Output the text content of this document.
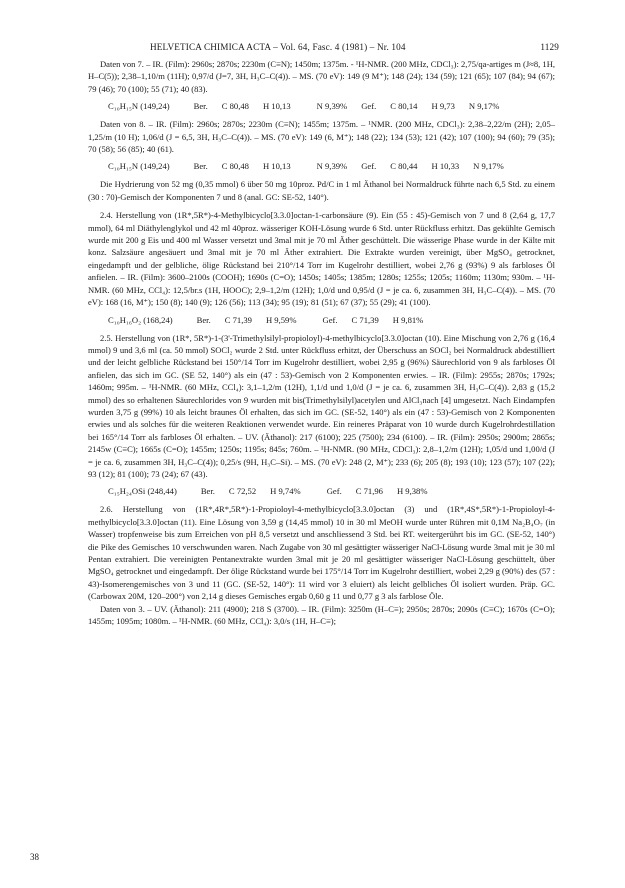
HELVETICA CHIMICA ACTA – Vol. 64, Fasc. 4 (1981) – Nr. 104	1129

Daten von 7. – IR. (Film): 2960s; 2870s; 2230m (C≡N); 1450m; 1375m. - ¹H-NMR. (200 MHz, CDCl₃): 2,75/qa-artiges m (J≈8, 1H, H–C(5)); 2,38–1,10/m (11H); 0,97/d (J=7, 3H, H₃C–C(4)). – MS. (70 eV): 149 (9 M⁺); 148 (24); 134 (59); 121 (65); 107 (84); 94 (67); 79 (46); 70 (100); 55 (71); 40 (83).

C₁₀H₁₅N (149,24)	Ber. C 80,48 H 10,13	N 9,39% Gef. C 80,14 H 9,73 N 9,17%

Daten von 8. – IR. (Film): 2960s; 2870s; 2230m (C≡N); 1455m; 1375m. – ¹NMR. (200 MHz, CDCl₃): 2,38–2,22/m (2H); 2,05–1,25/m (10 H); 1,06/d (J = 6,5, 3H, H₃C–C(4)). – MS. (70 eV): 149 (6, M⁺); 148 (22); 134 (53); 121 (42); 107 (100); 94 (60); 79 (35); 70 (58); 56 (85); 40 (61).

C₁₀H₁₅N (149,24)	Ber. C 80,48 H 10,13	N 9,39% Gef. C 80,44 H 10,33 N 9,17%

Die Hydrierung von 52 mg (0,35 mmol) 6 über 50 mg 10proz. Pd/C in 1 ml Äthanol bei Normaldruck führte nach 6,5 Std. zu einem (30 : 70)-Gemisch der Komponenten 7 und 8 (anal. GC: SE-52, 140°).

2.4. Herstellung von (1R*,5R*)-4-Methylbicyclo[3.3.0]octan-1-carbonsäure (9). Ein (55 : 45)-Gemisch von 7 und 8 (2,64 g, 17,7 mmol), 64 ml Diäthylenglykol und 42 ml 40proz. wässeriger KOH-Lösung wurde 6 Std. unter Rückfluss erhitzt. Das gekühlte Gemisch wurde mit 200 g Eis und 400 ml Wasser versetzt und 3mal mit je 70 ml Äther geschüttelt. Die wässerige Phase wurde in der Kälte mit konz. Salzsäure angesäuert und 3mal mit je 70 ml Äther extrahiert. Die Extrakte wurden vereinigt, über MgSO₄ getrocknet, eingedampft und der gelbliche, ölige Rückstand bei 210°/14 Torr im Kugelrohr destilliert, wobei 2,76 g (93%) 9 als farbloses Öl anfielen. – IR. (Film): 3600–2100s (COOH); 1690s (C=O); 1450s; 1405s; 1385m; 1280s; 1255s; 1205s; 1160m; 1130m; 930m. – ¹H-NMR. (60 MHz, CCl₄): 12,5/br.s (1H, HOOC); 2,9–1,2/m (12H); 1,0/d und 0,95/d (J = je ca. 6, zusammen 3H, H₃C–C(4)). – MS. (70 eV): 168 (16, M⁺); 150 (8); 140 (9); 126 (56); 113 (34); 95 (19); 81 (51); 67 (37); 55 (29); 41 (100).

C₁₀H₁₆O₂ (168,24)	Ber. C 71,39 H 9,59%	Gef. C 71,39 H 9,81%

2.5. Herstellung von (1R*, 5R*)-1-(3'-Trimethylsilyl-propioloyl)-4-methylbicyclo[3.3.0]octan (10). Eine Mischung von 2,76 g (16,4 mmol) 9 und 3,6 ml (ca. 50 mmol) SOCl₂ wurde 2 Std. unter Rückfluss erhitzt, der Überschuss an SOCl₂ bei Normaldruck abdestilliert und der leicht gelbliche Rückstand bei 150°/14 Torr im Kugelrohr destilliert, wobei 2,95 g (96%) Säurechlorid von 9 als farbloses Öl anfielen, das sich im GC. (SE 52, 140°) als ein (47 : 53)-Gemisch von 2 Komponenten erwies. – IR. (Film): 2955s; 2870s; 1792s; 1460m; 995m. – ¹H-NMR. (60 MHz, CCl₄): 3,1–1,2/m (12H), 1,1/d und 1,0/d (J = je ca. 6, zusammen 3H, H₃C–C(4)). 2,83 g (15,2 mmol) des so erhaltenen Säurechlorides von 9 wurden mit bis(Trimethylsilyl)acetylen und AlCl₃nach [4] umgesetzt. Nach Eindampfen wurden 3,75 g (99%) 10 als leicht braunes Öl erhalten, das sich im GC. (SE-52, 140°) als ein (47 : 53)-Gemisch von 2 Komponenten erwies und als solches für die weiteren Reaktionen verwendet wurde. Ein reineres Präparat von 10 wurde durch Kugelrohrdestillation bei 165°/14 Torr als farbloses Öl erhalten. – UV. (Äthanol): 217 (6100); 225 (7500); 234 (6100). – IR. (Film): 2950s; 2900m; 2865s; 2145w (C≡C); 1665s (C=O); 1455m; 1250s; 1195s; 845s; 760m. – ¹H-NMR. (90 MHz, CDCl₃): 2,8–1,2/m (12H); 1,05/d und 1,00/d (J = je ca. 6, zusammen 3H, H₃C–C(4)); 0,25/s (9H, H₃C–Si). – MS. (70 eV): 248 (2, M⁺); 233 (6); 205 (8); 193 (10); 123 (57); 107 (22); 93 (12); 81 (100); 73 (24); 67 (43).

C₁₅H₂₄OSi (248,44)	Ber. C 72,52 H 9,74%	Gef. C 71,96 H 9,38%

2.6. Herstellung von (1R*,4R*,5R*)-1-Propioloyl-4-methylbicyclo[3.3.0]octan (3) und (1R*,4S*,5R*)-1-Propioloyl-4-methylbicyclo[3.3.0]octan (11). Eine Lösung von 3,59 g (14,45 mmol) 10 in 30 ml MeOH wurde unter Rühren mit 0,1M Na₂B₄O₇ (in Wasser) tropfenweise bis zum Erreichen von pH 8,5 versetzt und anschliessend 3 Std. bei RT. weitergerührt bis im GC. (SE-52, 140°) die Pike des Gemisches 10 verschwunden waren. Nach Zugabe von 30 ml gesättigter wässeriger NaCl-Lösung wurde 3mal mit je 30 ml Pentan extrahiert. Die vereinigten Pentanextrakte wurden 3mal mit je 20 ml gesättigter wässeriger NaCl-Lösung geschüttelt, über MgSO₄ getrocknet und eingedampft. Der ölige Rückstand wurde bei 175°/14 Torr im Kugelrohr destilliert, wobei 2,29 g (90%) des (57 : 43)-Isomerengemisches von 3 und 11 (GC. (SE-52, 140°): 11 wird vor 3 eluiert) als leicht gelbliches Öl isoliert wurden. Präp. GC. (Carbowax 20M, 120–200°) von 2,14 g dieses Gemisches ergab 0,60 g 11 und 0,77 g 3 als farblose Öle.

Daten von 3. – UV. (Äthanol): 211 (4900); 218 S (3700). – IR. (Film): 3250m (H–C≡); 2950s; 2870s; 2090s (C≡C); 1670s (C=O); 1455m; 1095m; 1080m. – ¹H-NMR. (60 MHz, CCl₄): 3,0/s (1H, H–C≡);

38
